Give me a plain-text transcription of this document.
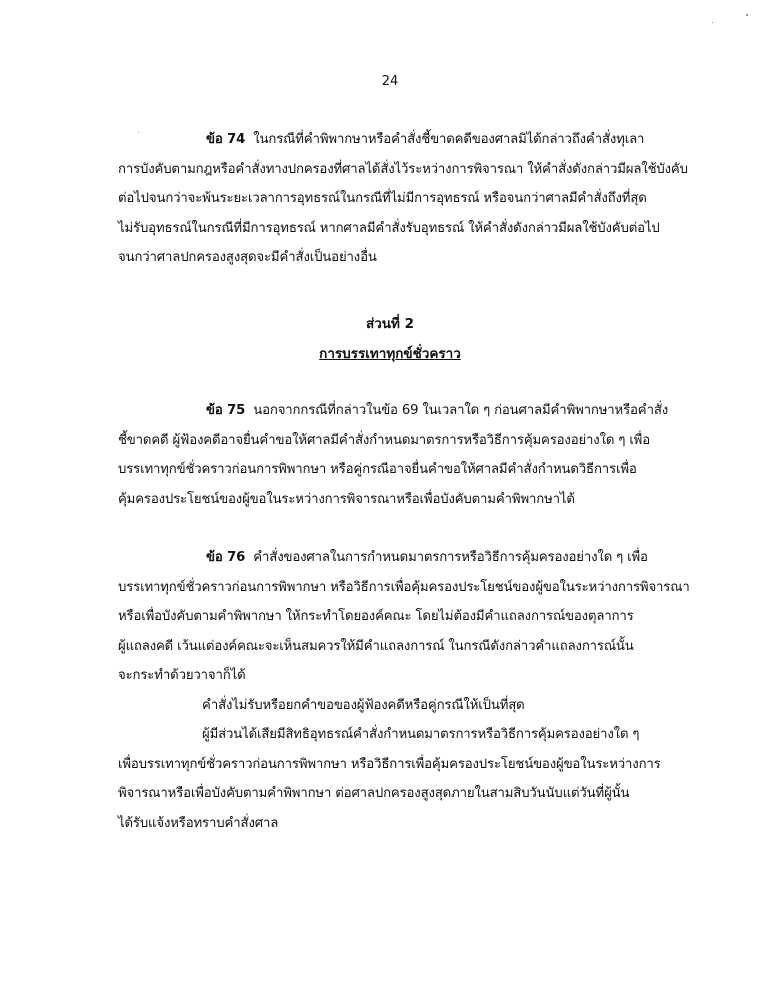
24
ข้อ 74 ในกรณีที่คำพิพากษาหรือคำสั่งชี้ขาดคดีของศาลมิได้กล่าวถึงคำสั่งทุเลา
การบังคับตามกฎหรือคำสั่งทางปกครองที่ศาลได้สั่งไว้ระหว่างการพิจารณา ให้คำสั่งดังกล่าวมีผลใช้บังคับ
ต่อไปจนกว่าจะพ้นระยะเวลาการอุทธรณ์ในกรณีที่ไม่มีการอุทธรณ์ หรือจนกว่าศาลมีคำสั่งถึงที่สุด
ไม่รับอุทธรณ์ในกรณีที่มีการอุทธรณ์ หากศาลมีคำสั่งรับอุทธรณ์ ให้คำสั่งดังกล่าวมีผลใช้บังคับต่อไป
จนกว่าศาลปกครองสูงสุดจะมีคำสั่งเป็นอย่างอื่น
ส่วนที่ 2
การบรรเทาทุกข์ชั่วคราว
ข้อ 75 นอกจากกรณีที่กล่าวในข้อ 69 ในเวลาใด ๆ ก่อนศาลมีคำพิพากษาหรือคำสั่ง
ชี้ขาดคดี ผู้ฟ้องคดีอาจยื่นคำขอให้ศาลมีคำสั่งกำหนดมาตรการหรือวิธีการคุ้มครองอย่างใด ๆ เพื่อ
บรรเทาทุกข์ชั่วคราวก่อนการพิพากษา หรือคู่กรณีอาจยื่นคำขอให้ศาลมีคำสั่งกำหนดวิธีการเพื่อ
คุ้มครองประโยชน์ของผู้ขอในระหว่างการพิจารณาหรือเพื่อบังคับตามคำพิพากษาได้
ข้อ 76 คำสั่งของศาลในการกำหนดมาตรการหรือวิธีการคุ้มครองอย่างใด ๆ เพื่อ
บรรเทาทุกข์ชั่วคราวก่อนการพิพากษา หรือวิธีการเพื่อคุ้มครองประโยชน์ของผู้ขอในระหว่างการพิจารณา
หรือเพื่อบังคับตามคำพิพากษา ให้กระทำโดยองค์คณะ โดยไม่ต้องมีคำแถลงการณ์ของตุลาการ
ผู้แถลงคดี เว้นแต่องค์คณะจะเห็นสมควรให้มีคำแถลงการณ์ ในกรณีดังกล่าวคำแถลงการณ์นั้น
จะกระทำด้วยวาจาก็ได้
คำสั่งไม่รับหรือยกคำขอของผู้ฟ้องคดีหรือคู่กรณีให้เป็นที่สุด
ผู้มีส่วนได้เสียมีสิทธิอุทธรณ์คำสั่งกำหนดมาตรการหรือวิธีการคุ้มครองอย่างใด ๆ
เพื่อบรรเทาทุกข์ชั่วคราวก่อนการพิพากษา หรือวิธีการเพื่อคุ้มครองประโยชน์ของผู้ขอในระหว่างการ
พิจารณาหรือเพื่อบังคับตามคำพิพากษา ต่อศาลปกครองสูงสุดภายในสามสิบวันนับแต่วันที่ผู้นั้น
ได้รับแจ้งหรือทราบคำสั่งศาล
